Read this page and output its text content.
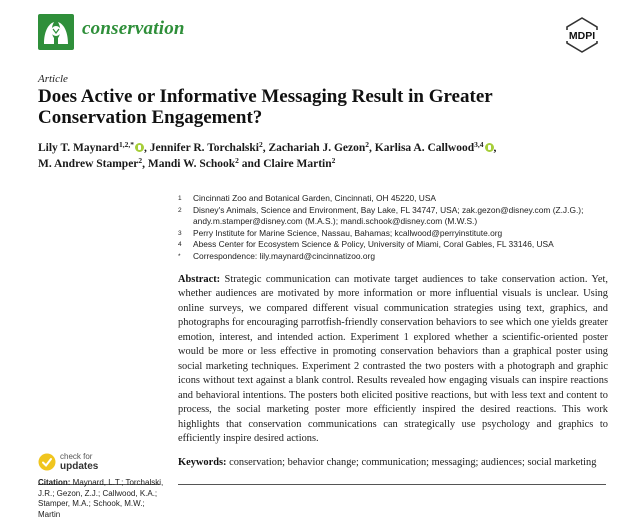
conservation	MDPI
Article
Does Active or Informative Messaging Result in Greater Conservation Engagement?
Lily T. Maynard$^{1,2,*}$ , Jennifer R. Torchalski$^2$, Zachariah J. Gezon$^2$, Karlisa A. Callwood$^{3,4}$ ,
M. Andrew Stamper$^2$, Mandi W. Schook$^2$ and Claire Martin$^2$
1	Cincinnati Zoo and Botanical Garden, Cincinnati, OH 45220, USA
2	Disney's Animals, Science and Environment, Bay Lake, FL 34747, USA; zak.gezon@disney.com (Z.J.G.); andy.m.stamper@disney.com (M.A.S.); mandi.schook@disney.com (M.W.S.)
3	Perry Institute for Marine Science, Nassau, Bahamas; kcallwood@perryinstitute.org
4	Abess Center for Ecosystem Science & Policy, University of Miami, Coral Gables, FL 33146, USA
*	Correspondence: lily.maynard@cincinnatizoo.org
Abstract: Strategic communication can motivate target audiences to take conservation action. Yet, whether audiences are motivated by more information or more influential visuals is unclear. Using online surveys, we compared different visual communication strategies using text, graphics, and photographs for encouraging parrotfish-friendly conservation behaviors to see which one yields greater emotion, interest, and intended action. Experiment 1 explored whether a scientific-oriented poster would be more or less effective in promoting conservation behaviors than a graphical poster using social marketing techniques. Experiment 2 contrasted the two posters with a photograph and graphic icons without text against a blank control. Results revealed how engaging visuals can inspire reactions and behavioral intentions. The posters both elicited positive reactions, but with less text and content to process, the social marketing poster more efficiently inspired the desired reactions. This work highlights that conservation communications can strategically use psychology and graphics to efficiently inspire desired actions.
Keywords: conservation; behavior change; communication; messaging; audiences; social marketing
check for
updates
Citation: Maynard, L.T.; Torchalski, J.R.; Gezon, Z.J.; Callwood, K.A.; Stamper, M.A.; Schook, M.W.; Martin
